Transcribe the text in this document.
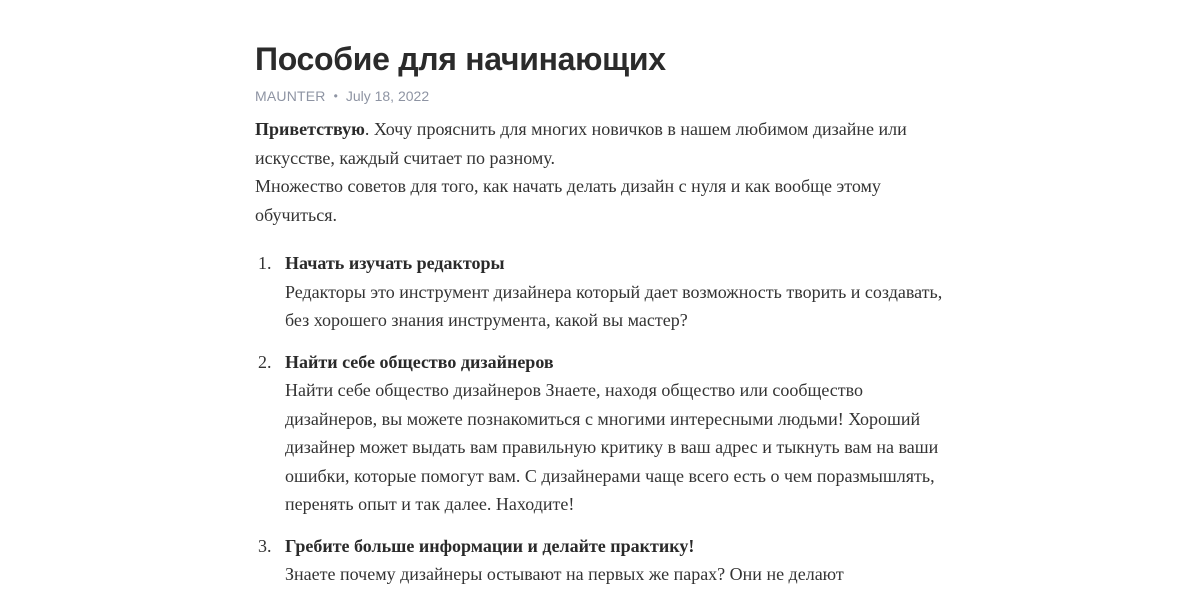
Пособие для начинающих
MAUNTER • July 18, 2022

Приветствую. Хочу прояснить для многих новичков в нашем любимом дизайне или искусстве, каждый считает по разному.

Множество советов для того, как начать делать дизайн с нуля и как вообще этому обучиться.

1. Начать изучать редакторы
Редакторы это инструмент дизайнера который дает возможность творить и создавать, без хорошего знания инструмента, какой вы мастер?
2. Найти себе общество дизайнеров
Найти себе общество дизайнеров Знаете, находя общество или сообщество дизайнеров, вы можете познакомиться с многими интересными людьми! Хороший дизайнер может выдать вам правильную критику в ваш адрес и тыкнуть вам на ваши ошибки, которые помогут вам. С дизайнерами чаще всего есть о чем поразмышлять, перенять опыт и так далее. Находите!
3. Гребите больше информации и делайте практику!
Знаете почему дизайнеры остывают на первых же парах? Они не делают
